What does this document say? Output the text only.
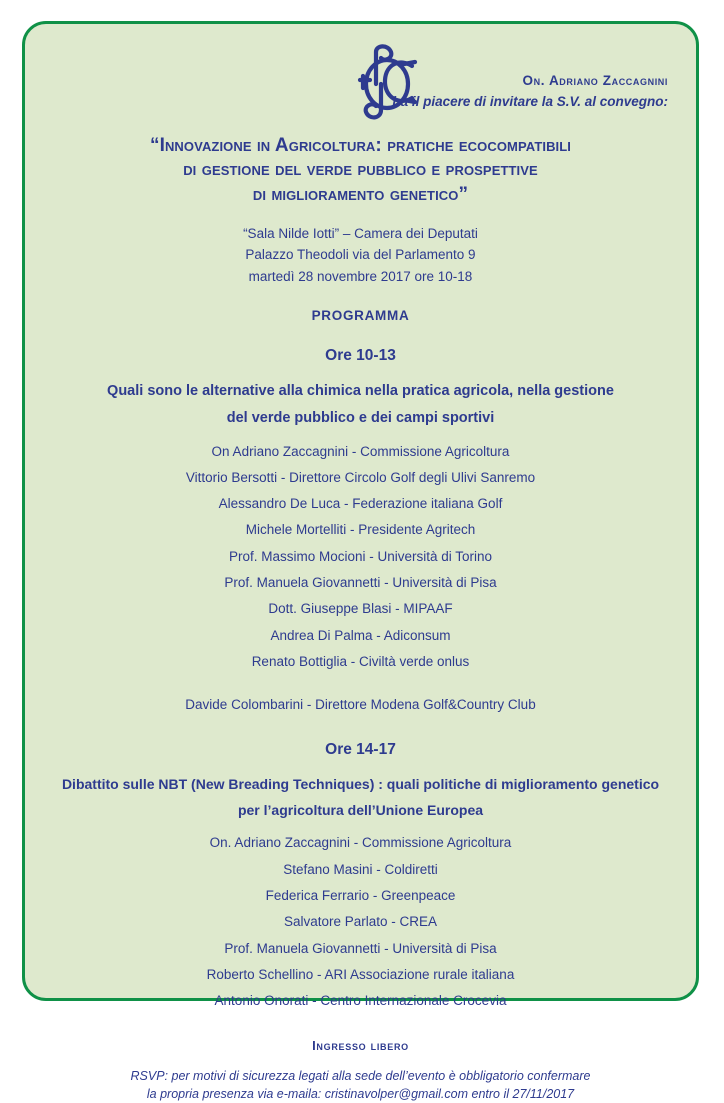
On. Adriano Zaccagnini
ha il piacere di invitare la S.V. al convegno:
“Innovazione in Agricoltura: pratiche ecocompatibili
di gestione del verde pubblico e prospettive
di miglioramento genetico”
“Sala Nilde Iotti” – Camera dei Deputati
Palazzo Theodoli via del Parlamento 9
martedì 28 novembre 2017 ore 10-18
PROGRAMMA
Ore 10-13
Quali sono le alternative alla chimica nella pratica agricola, nella gestione
del verde pubblico e dei campi sportivi
On Adriano Zaccagnini - Commissione Agricoltura
Vittorio Bersotti - Direttore Circolo Golf degli Ulivi Sanremo
Alessandro De Luca - Federazione italiana Golf
Michele Mortelliti - Presidente Agritech
Prof. Massimo Mocioni - Università di Torino
Prof. Manuela Giovannetti - Università di Pisa
Dott. Giuseppe Blasi - MIPAAF
Andrea Di Palma - Adiconsum
Renato Bottiglia - Civiltà verde onlus
Davide Colombarini - Direttore Modena Golf&Country Club
Ore 14-17
Dibattito sulle NBT (New Breading Techniques) : quali politiche di miglioramento genetico
per l’agricoltura dell’Unione Europea
On. Adriano Zaccagnini - Commissione Agricoltura
Stefano Masini - Coldiretti
Federica Ferrario - Greenpeace
Salvatore Parlato - CREA
Prof. Manuela Giovannetti - Università di Pisa
Roberto Schellino - ARI Associazione rurale italiana
Antonio Onorati - Centro Internazionale Crocevia
Ingresso libero
RSVP: per motivi di sicurezza legati alla sede dell’evento è obbligatorio confermare
la propria presenza via e-maila: cristinavolper@gmail.com entro il 27/11/2017
